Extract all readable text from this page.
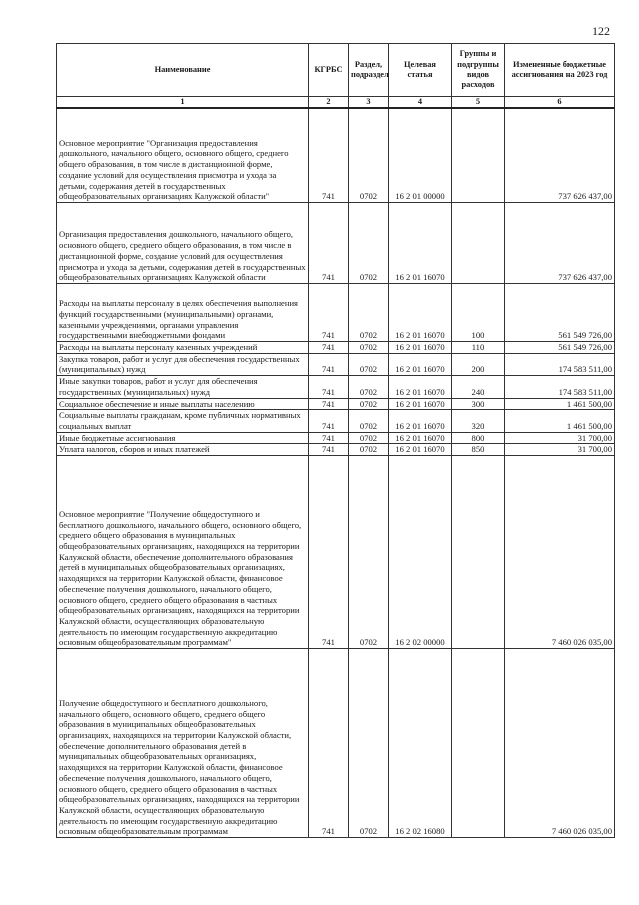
122
Наименование	КГРБС	Раздел, подраздел	Целевая статья	Группы и подгруппы видов расходов	Измененные бюджетные ассигнования на 2023 год
1	2	3	4	5	6
Основное мероприятие "Организация предоставления дошкольного, начального общего, основного общего, среднего общего образования, в том числе в дистанционной форме, создание условий для осуществления присмотра и ухода за детьми, содержания детей в государственных общеобразовательных организациях Калужской области"	741	0702	16 2 01 00000		737 626 437,00
Организация предоставления дошкольного, начального общего, основного общего, среднего общего образования, в том числе в дистанционной форме, создание условий для осуществления присмотра и ухода за детьми, содержания детей в государственных общеобразовательных организациях Калужской области	741	0702	16 2 01 16070		737 626 437,00
Расходы на выплаты персоналу в целях обеспечения выполнения функций государственными (муниципальными) органами, казенными учреждениями, органами управления государственными внебюджетными фондами	741	0702	16 2 01 16070	100	561 549 726,00
Расходы на выплаты персоналу казенных учреждений	741	0702	16 2 01 16070	110	561 549 726,00
Закупка товаров, работ и услуг для обеспечения государственных (муниципальных) нужд	741	0702	16 2 01 16070	200	174 583 511,00
Иные закупки товаров, работ и услуг для обеспечения государственных (муниципальных) нужд	741	0702	16 2 01 16070	240	174 583 511,00
Социальное обеспечение и иные выплаты населению	741	0702	16 2 01 16070	300	1 461 500,00
Социальные выплаты гражданам, кроме публичных нормативных социальных выплат	741	0702	16 2 01 16070	320	1 461 500,00
Иные бюджетные ассигнования	741	0702	16 2 01 16070	800	31 700,00
Уплата налогов, сборов и иных платежей	741	0702	16 2 01 16070	850	31 700,00
Основное мероприятие "Получение общедоступного и бесплатного дошкольного, начального общего, основного общего, среднего общего образования в муниципальных общеобразовательных организациях, находящихся на территории Калужской области, обеспечение дополнительного образования детей в муниципальных общеобразовательных организациях, находящихся на территории Калужской области, финансовое обеспечение получения дошкольного, начального общего, основного общего, среднего общего образования в частных общеобразовательных организациях, находящихся на территории Калужской области, осуществляющих образовательную деятельность по имеющим государственную аккредитацию основным общеобразовательным программам"	741	0702	16 2 02 00000		7 460 026 035,00
Получение общедоступного и бесплатного дошкольного, начального общего, основного общего, среднего общего образования в муниципальных общеобразовательных организациях, находящихся на территории Калужской области, обеспечение дополнительного образования детей в муниципальных общеобразовательных организациях, находящихся на территории Калужской области, финансовое обеспечение получения дошкольного, начального общего, основного общего, среднего общего образования в частных общеобразовательных организациях, находящихся на территории Калужской области, осуществляющих образовательную деятельность по имеющим государственную аккредитацию основным общеобразовательным программам	741	0702	16 2 02 16080		7 460 026 035,00
